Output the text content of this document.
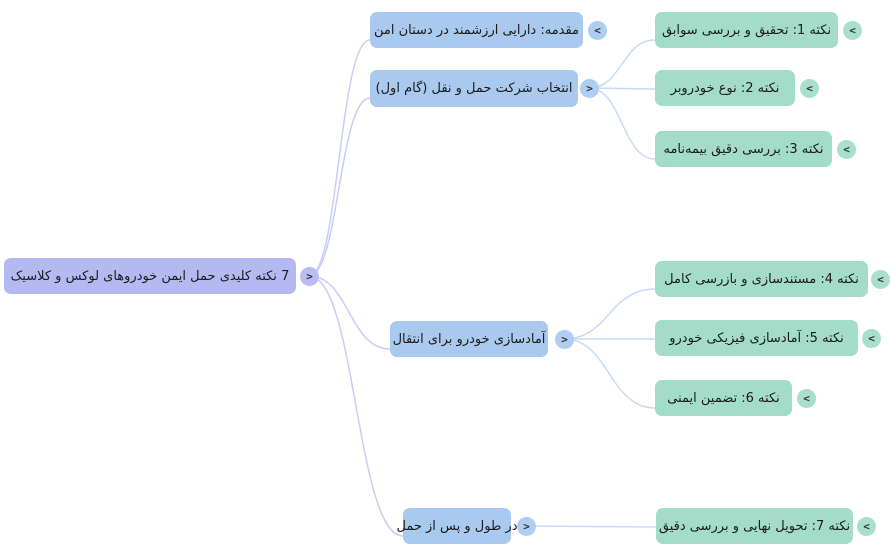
7 نکته کلیدی حمل ایمن خودروهای لوکس و کلاسیک	>
مقدمه: دارایی ارزشمند در دستان امن	<
انتخاب شرکت حمل و نقل (گام اول)	>
آمادسازی خودرو برای انتقال	>
در طول و پس از حمل >
نکته 1: تحقیق و بررسی سوابق	<
نکته 2: نوع خودروبر	<
نکته 3: بررسی دقیق بیمه‌نامه	<
نکته 4: مستندسازی و بازرسی کامل	<
نکته 5: آمادسازی فیزیکی خودرو	<
نکته 6: تضمین ایمنی	<
نکته 7: تحویل نهایی و بررسی دقیق	<
